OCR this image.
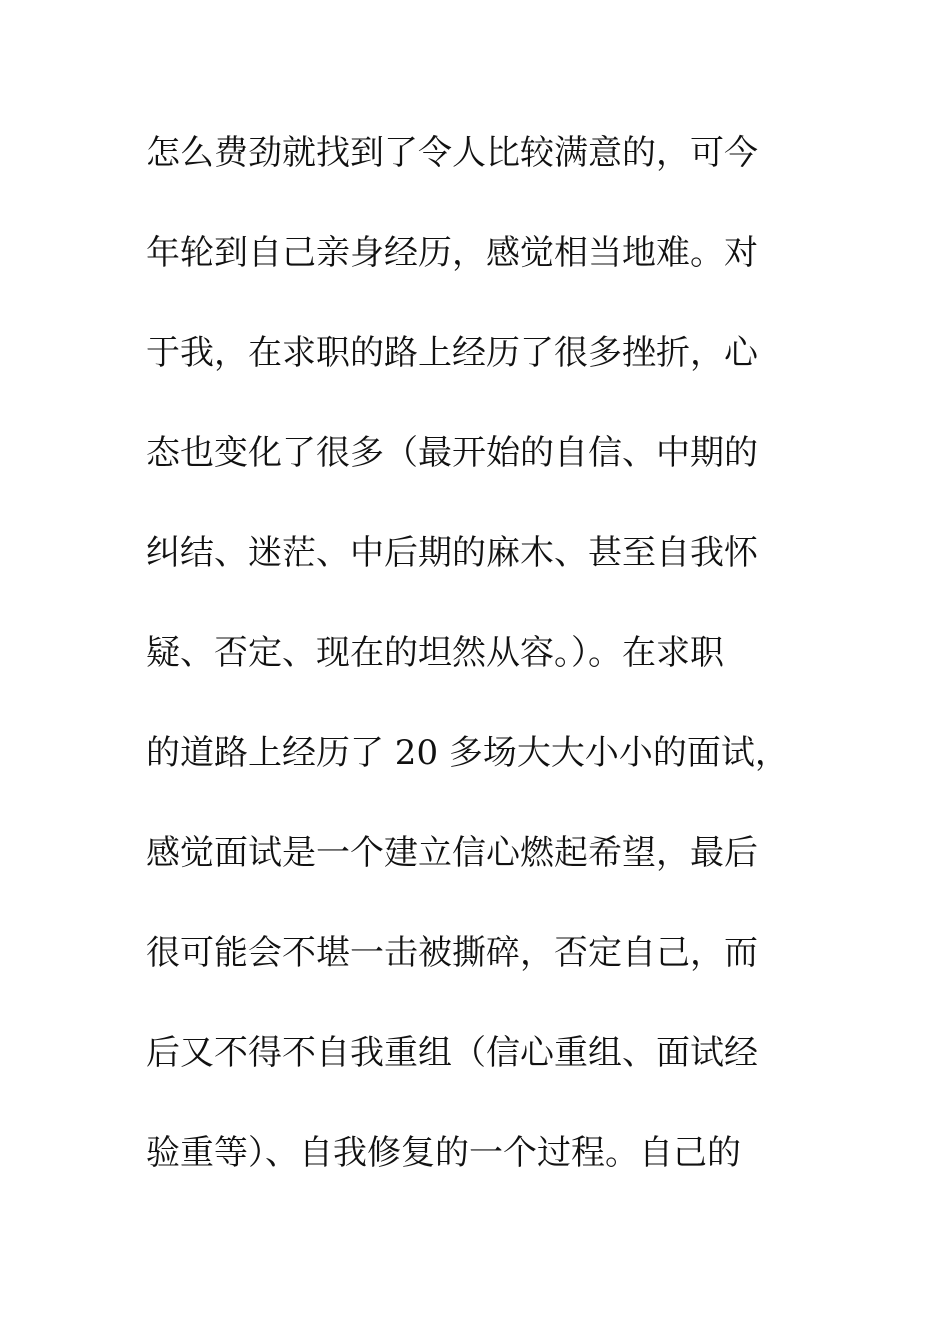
怎么费劲就找到了令人比较满意的，可今
年轮到自己亲身经历，感觉相当地难。对
于我，在求职的路上经历了很多挫折，心
态也变化了很多（最开始的自信、中期的
纠结、迷茫、中后期的麻木、甚至自我怀
疑、否定、现在的坦然从容。）。在求职
的道路上经历了 20 多场大大小小的面试，
感觉面试是一个建立信心燃起希望，最后
很可能会不堪一击被撕碎，否定自己，而
后又不得不自我重组（信心重组、面试经
验重等）、自我修复的一个过程。自己的
